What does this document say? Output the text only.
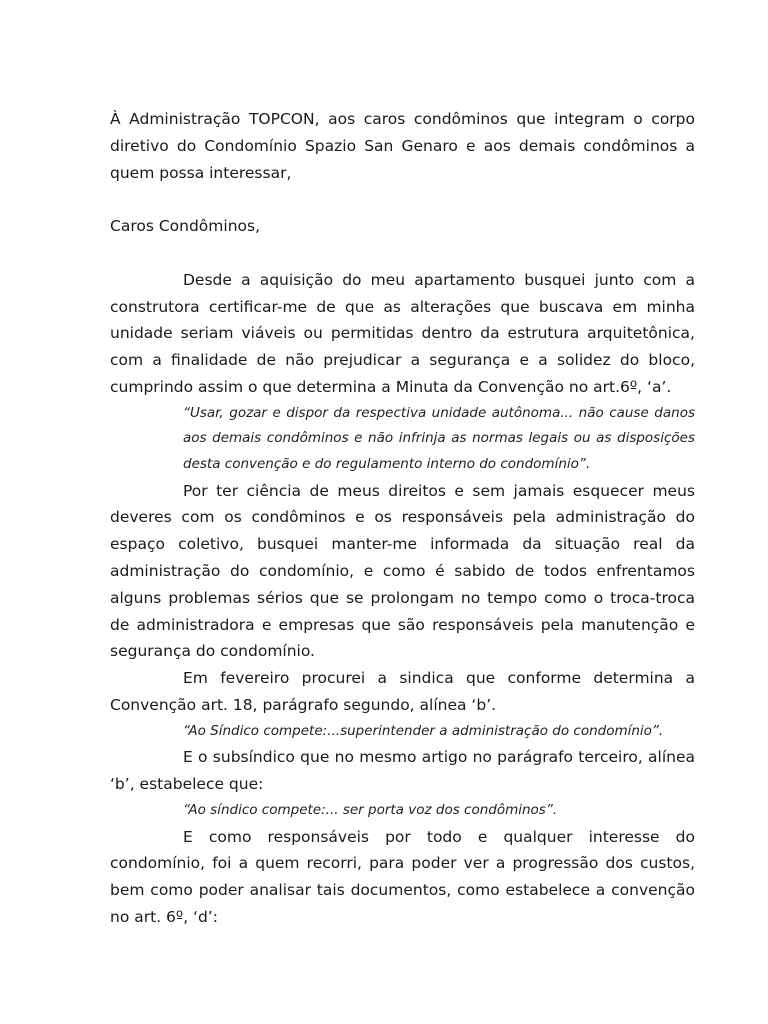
À Administração TOPCON, aos caros condôminos que integram o corpo diretivo do Condomínio Spazio San Genaro e aos demais condôminos a quem possa interessar,

Caros Condôminos,

Desde a aquisição do meu apartamento busquei junto com a construtora certificar-me de que as alterações que buscava em minha unidade seriam viáveis ou permitidas dentro da estrutura arquitetônica, com a finalidade de não prejudicar a segurança e a solidez do bloco, cumprindo assim o que determina a Minuta da Convenção no art.6º, ‘a’.

“Usar, gozar e dispor da respectiva unidade autônoma... não cause danos aos demais condôminos e não infrinja as normas legais ou as disposições desta convenção e do regulamento interno do condomínio”.

Por ter ciência de meus direitos e sem jamais esquecer meus deveres com os condôminos e os responsáveis pela administração do espaço coletivo, busquei manter-me informada da situação real da administração do condomínio, e como é sabido de todos enfrentamos alguns problemas sérios que se prolongam no tempo como o troca-troca de administradora e empresas que são responsáveis pela manutenção e segurança do condomínio.

Em fevereiro procurei a sindica que conforme determina a Convenção art. 18, parágrafo segundo, alínea ‘b’.

“Ao Síndico compete:...superintender a administração do condomínio”.

E o subsíndico que no mesmo artigo no parágrafo terceiro, alínea ‘b’, estabelece que:

“Ao síndico compete:... ser porta voz dos condôminos”.

E como responsáveis por todo e qualquer interesse do condomínio, foi a quem recorri, para poder ver a progressão dos custos, bem como poder analisar tais documentos, como estabelece a convenção no art. 6º, ‘d’:
